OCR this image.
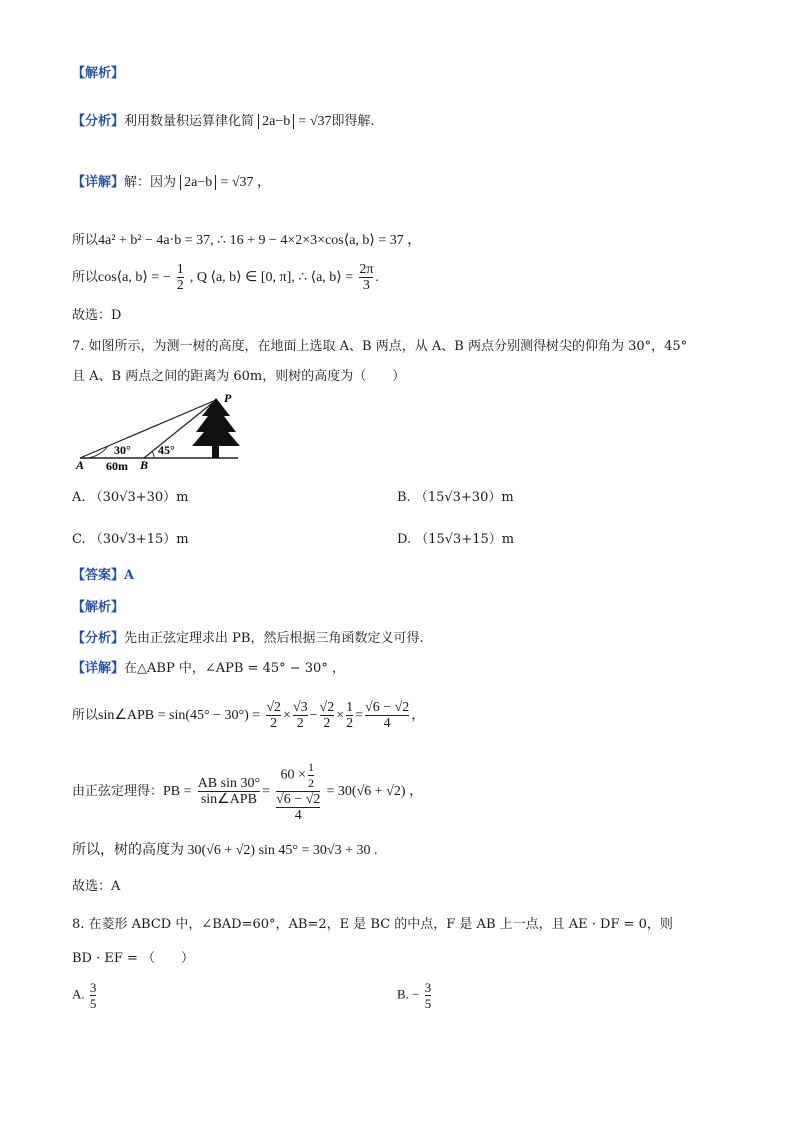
【解析】
【分析】利用数量积运算律化简 2a−b = √37即得解.
【详解】解：因为 2a−b = √37 ，
所以4a² + b² − 4a·b = 37, ∴ 16 + 9 − 4×2×3×cos⟨a, b⟩ = 37 ，
所以cos⟨a, b⟩ = − $\frac{1}{2}$ , Q ⟨a, b⟩ ∈ [0, π], ∴ ⟨a, b⟩ = $\frac{2\pi}{3}$ .
故选：D
7. 如图所示，为测一树的高度，在地面上选取 A、B 两点，从 A、B 两点分别测得树尖的仰角为 30°，45°
且 A、B 两点之间的距离为 60m，则树的高度为（　　）
P
A	B
30° 45°
60m
A. （30√3+30）m	B. （15√3+30）m
C. （30√3+15）m	D. （15√3+15）m
【答案】A
【解析】
【分析】先由正弦定理求出 PB，然后根据三角函数定义可得.
【详解】在△ABP 中，∠APB = 45° − 30° ，
所以sin∠APB = $\sin(45^\circ - 30^\circ) = \frac{√2}{2} \times \frac{√3}{2} - \frac{√2}{2} \times \frac{1}{2} = \frac{√6 - √2}{4}$ ，
由正弦定理得：PB = $\frac{\text{AB sin 30°}}{\text{sin∠APB}} = 60 \times \frac{1}{2}$
√6 − √2
4 = 30(√6 + √2) ，
所以，树的高度为 30(√6 + √2) sin 45° = 30√3 + 30 .
故选：A
8. 在菱形 ABCD 中，∠BAD=60°，AB=2，E 是 BC 的中点，F 是 AB 上一点，且 AE · DF = 0，则
BD · EF = （　　）
A. $\frac{3}{5}$	B. − $\frac{3}{5}$
